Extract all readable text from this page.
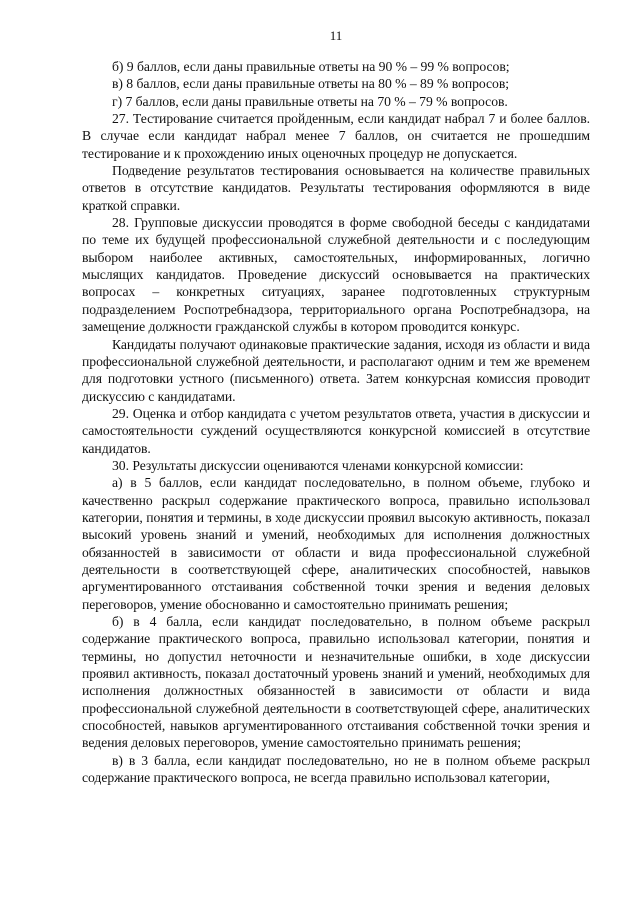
11

б) 9 баллов, если даны правильные ответы на 90 % – 99 % вопросов;

в) 8 баллов, если даны правильные ответы на 80 % – 89 % вопросов;

г) 7 баллов, если даны правильные ответы на 70 % – 79 % вопросов.

27. Тестирование считается пройденным, если кандидат набрал 7 и более баллов. В случае если кандидат набрал менее 7 баллов, он считается не прошедшим тестирование и к прохождению иных оценочных процедур не допускается.

Подведение результатов тестирования основывается на количестве правильных ответов в отсутствие кандидатов. Результаты тестирования оформляются в виде краткой справки.

28. Групповые дискуссии проводятся в форме свободной беседы с кандидатами по теме их будущей профессиональной служебной деятельности и с последующим выбором наиболее активных, самостоятельных, информированных, логично мыслящих кандидатов. Проведение дискуссий основывается на практических вопросах – конкретных ситуациях, заранее подготовленных структурным подразделением Роспотребнадзора, территориального органа Роспотребнадзора, на замещение должности гражданской службы в котором проводится конкурс.

Кандидаты получают одинаковые практические задания, исходя из области и вида профессиональной служебной деятельности, и располагают одним и тем же временем для подготовки устного (письменного) ответа. Затем конкурсная комиссия проводит дискуссию с кандидатами.

29. Оценка и отбор кандидата с учетом результатов ответа, участия в дискуссии и самостоятельности суждений осуществляются конкурсной комиссией в отсутствие кандидатов.

30. Результаты дискуссии оцениваются членами конкурсной комиссии:

а) в 5 баллов, если кандидат последовательно, в полном объеме, глубоко и качественно раскрыл содержание практического вопроса, правильно использовал категории, понятия и термины, в ходе дискуссии проявил высокую активность, показал высокий уровень знаний и умений, необходимых для исполнения должностных обязанностей в зависимости от области и вида профессиональной служебной деятельности в соответствующей сфере, аналитических способностей, навыков аргументированного отстаивания собственной точки зрения и ведения деловых переговоров, умение обоснованно и самостоятельно принимать решения;

б) в 4 балла, если кандидат последовательно, в полном объеме раскрыл содержание практического вопроса, правильно использовал категории, понятия и термины, но допустил неточности и незначительные ошибки, в ходе дискуссии проявил активность, показал достаточный уровень знаний и умений, необходимых для исполнения должностных обязанностей в зависимости от области и вида профессиональной служебной деятельности в соответствующей сфере, аналитических способностей, навыков аргументированного отстаивания собственной точки зрения и ведения деловых переговоров, умение самостоятельно принимать решения;

в) в 3 балла, если кандидат последовательно, но не в полном объеме раскрыл содержание практического вопроса, не всегда правильно использовал категории,
